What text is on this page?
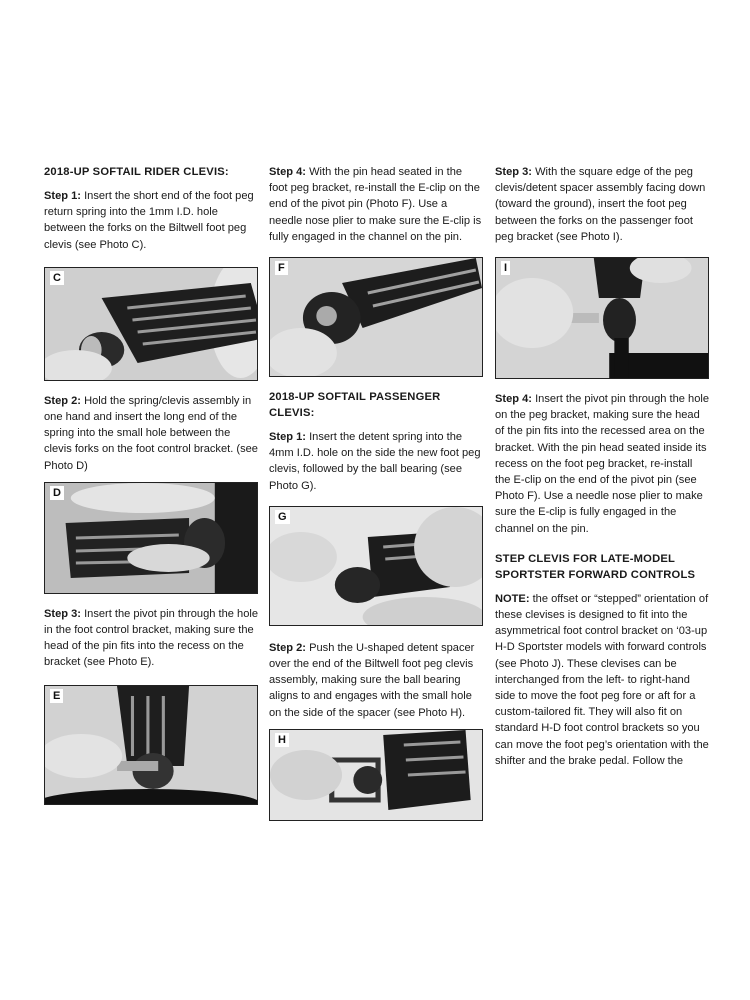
2018-UP SOFTAIL RIDER CLEVIS:

Step 1: Insert the short end of the foot peg return spring into the 1mm I.D. hole between the forks on the Biltwell foot peg clevis (see Photo C).

C

Step 2: Hold the spring/clevis assembly in one hand and insert the long end of the spring into the small hole between the clevis forks on the foot control bracket. (see Photo D)

D

Step 3: Insert the pivot pin through the hole in the foot control bracket, making sure the head of the pin fits into the recess on the bracket (see Photo E).

E

Step 4: With the pin head seated in the foot peg bracket, re-install the E-clip on the end of the pivot pin (Photo F). Use a needle nose plier to make sure the E-clip is fully engaged in the channel on the pin.

F
2018-UP SOFTAIL PASSENGER CLEVIS:

Step 1: Insert the detent spring into the 4mm I.D. hole on the side the new foot peg clevis, followed by the ball bearing (see Photo G).

G

Step 2: Push the U-shaped detent spacer over the end of the Biltwell foot peg clevis assembly, making sure the ball bearing aligns to and engages with the small hole on the side of the spacer (see Photo H).

H

Step 3: With the square edge of the peg clevis/detent spacer assembly facing down (toward the ground), insert the foot peg between the forks on the passenger foot peg bracket (see Photo I).

I

Step 4: Insert the pivot pin through the hole on the peg bracket, making sure the head of the pin fits into the recessed area on the bracket. With the pin head seated inside its recess on the foot peg bracket, re-install the E-clip on the end of the pivot pin (see Photo F). Use a needle nose plier to make sure the E-clip is fully engaged in the channel on the pin.

STEP CLEVIS FOR LATE-MODEL SPORTSTER FORWARD CONTROLS

NOTE: the offset or “stepped” orientation of these clevises is designed to fit into the asymmetrical foot control bracket on ‘03-up H-D Sportster models with forward controls (see Photo J). These clevises can be interchanged from the left- to right-hand side to move the foot peg fore or aft for a custom-tailored fit. They will also fit on standard H-D foot control brackets so you can move the foot peg’s orientation with the shifter and the brake pedal. Follow the
